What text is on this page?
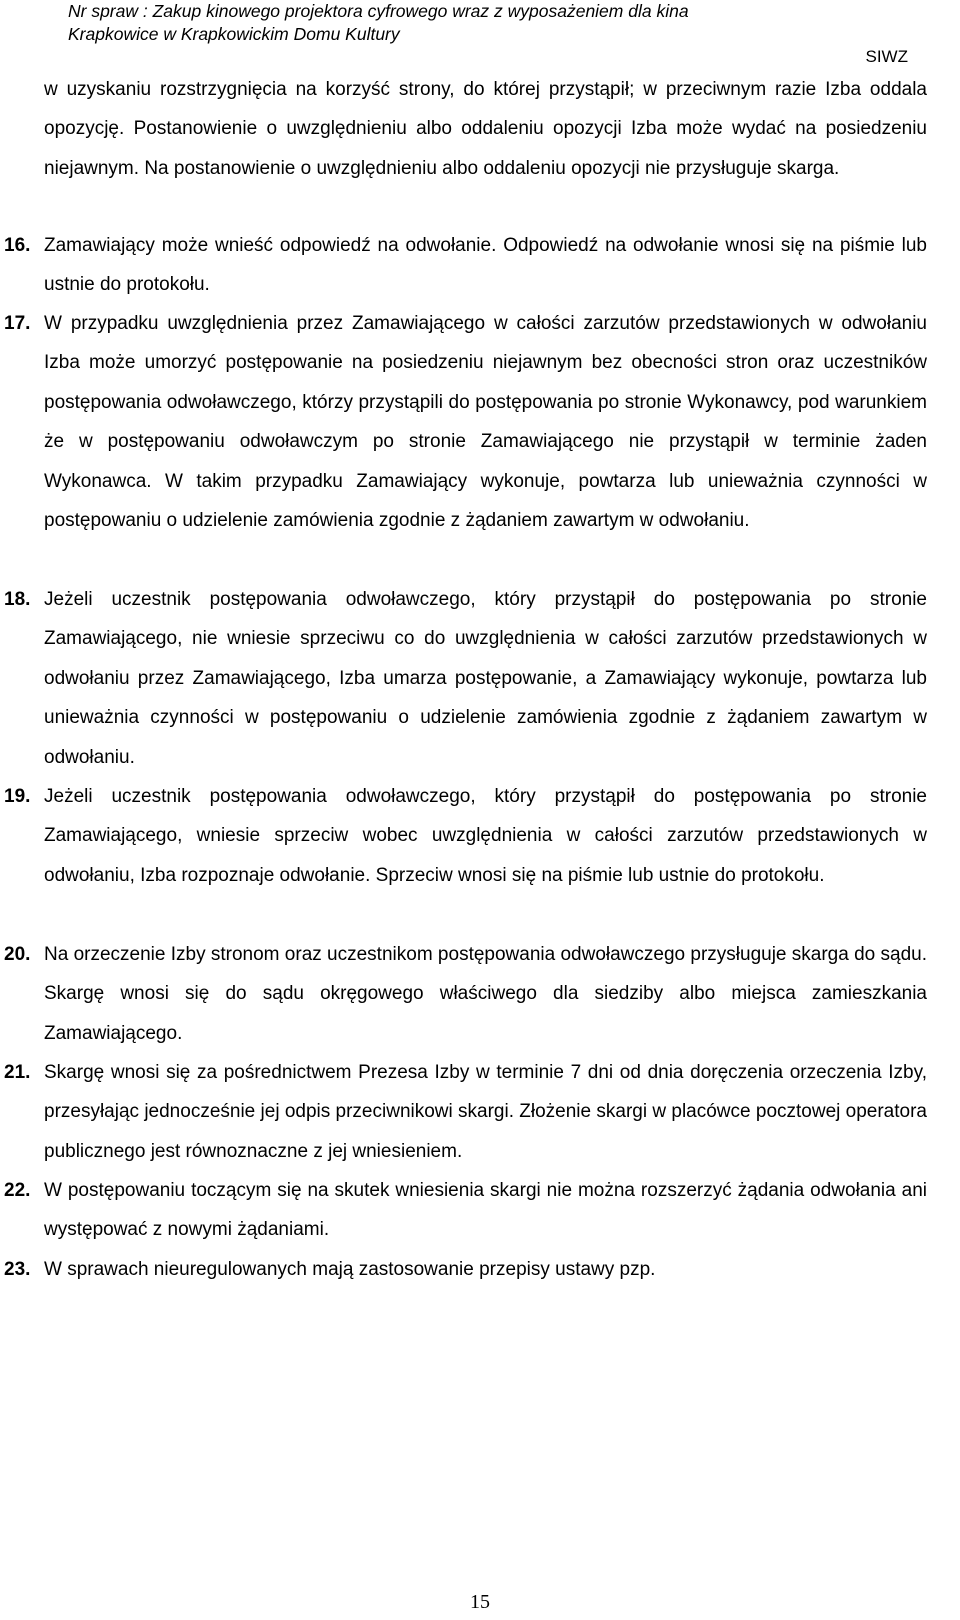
Nr spraw : Zakup kinowego projektora cyfrowego wraz z wyposażeniem dla kina
Krapkowice w Krapkowickim Domu Kultury
SIWZ
w uzyskaniu rozstrzygnięcia na korzyść strony, do której przystąpił; w przeciwnym razie Izba oddala opozycję. Postanowienie o uwzględnieniu albo oddaleniu opozycji Izba może wydać na posiedzeniu niejawnym. Na postanowienie o uwzględnieniu albo oddaleniu opozycji nie przysługuje skarga.
16. Zamawiający może wnieść odpowiedź na odwołanie. Odpowiedź na odwołanie wnosi się na piśmie lub ustnie do protokołu.
17. W przypadku uwzględnienia przez Zamawiającego w całości zarzutów przedstawionych w odwołaniu Izba może umorzyć postępowanie na posiedzeniu niejawnym bez obecności stron oraz uczestników postępowania odwoławczego, którzy przystąpili do postępowania po stronie Wykonawcy, pod warunkiem że w postępowaniu odwoławczym po stronie Zamawiającego nie przystąpił w terminie żaden Wykonawca. W takim przypadku Zamawiający wykonuje, powtarza lub unieważnia czynności w postępowaniu o udzielenie zamówienia zgodnie z żądaniem zawartym w odwołaniu.
18. Jeżeli uczestnik postępowania odwoławczego, który przystąpił do postępowania po stronie Zamawiającego, nie wniesie sprzeciwu co do uwzględnienia w całości zarzutów przedstawionych w odwołaniu przez Zamawiającego, Izba umarza postępowanie, a Zamawiający wykonuje, powtarza lub unieważnia czynności w postępowaniu o udzielenie zamówienia zgodnie z żądaniem zawartym w odwołaniu.
19. Jeżeli uczestnik postępowania odwoławczego, który przystąpił do postępowania po stronie Zamawiającego, wniesie sprzeciw wobec uwzględnienia w całości zarzutów przedstawionych w odwołaniu, Izba rozpoznaje odwołanie. Sprzeciw wnosi się na piśmie lub ustnie do protokołu.
20. Na orzeczenie Izby stronom oraz uczestnikom postępowania odwoławczego przysługuje skarga do sądu. Skargę wnosi się do sądu okręgowego właściwego dla siedziby albo miejsca zamieszkania Zamawiającego.
21. Skargę wnosi się za pośrednictwem Prezesa Izby w terminie 7 dni od dnia doręczenia orzeczenia Izby, przesyłając jednocześnie jej odpis przeciwnikowi skargi. Złożenie skargi w placówce pocztowej operatora publicznego jest równoznaczne z jej wniesieniem.
22. W postępowaniu toczącym się na skutek wniesienia skargi nie można rozszerzyć żądania odwołania ani występować z nowymi żądaniami.
23. W sprawach nieuregulowanych mają zastosowanie przepisy ustawy pzp.
15
